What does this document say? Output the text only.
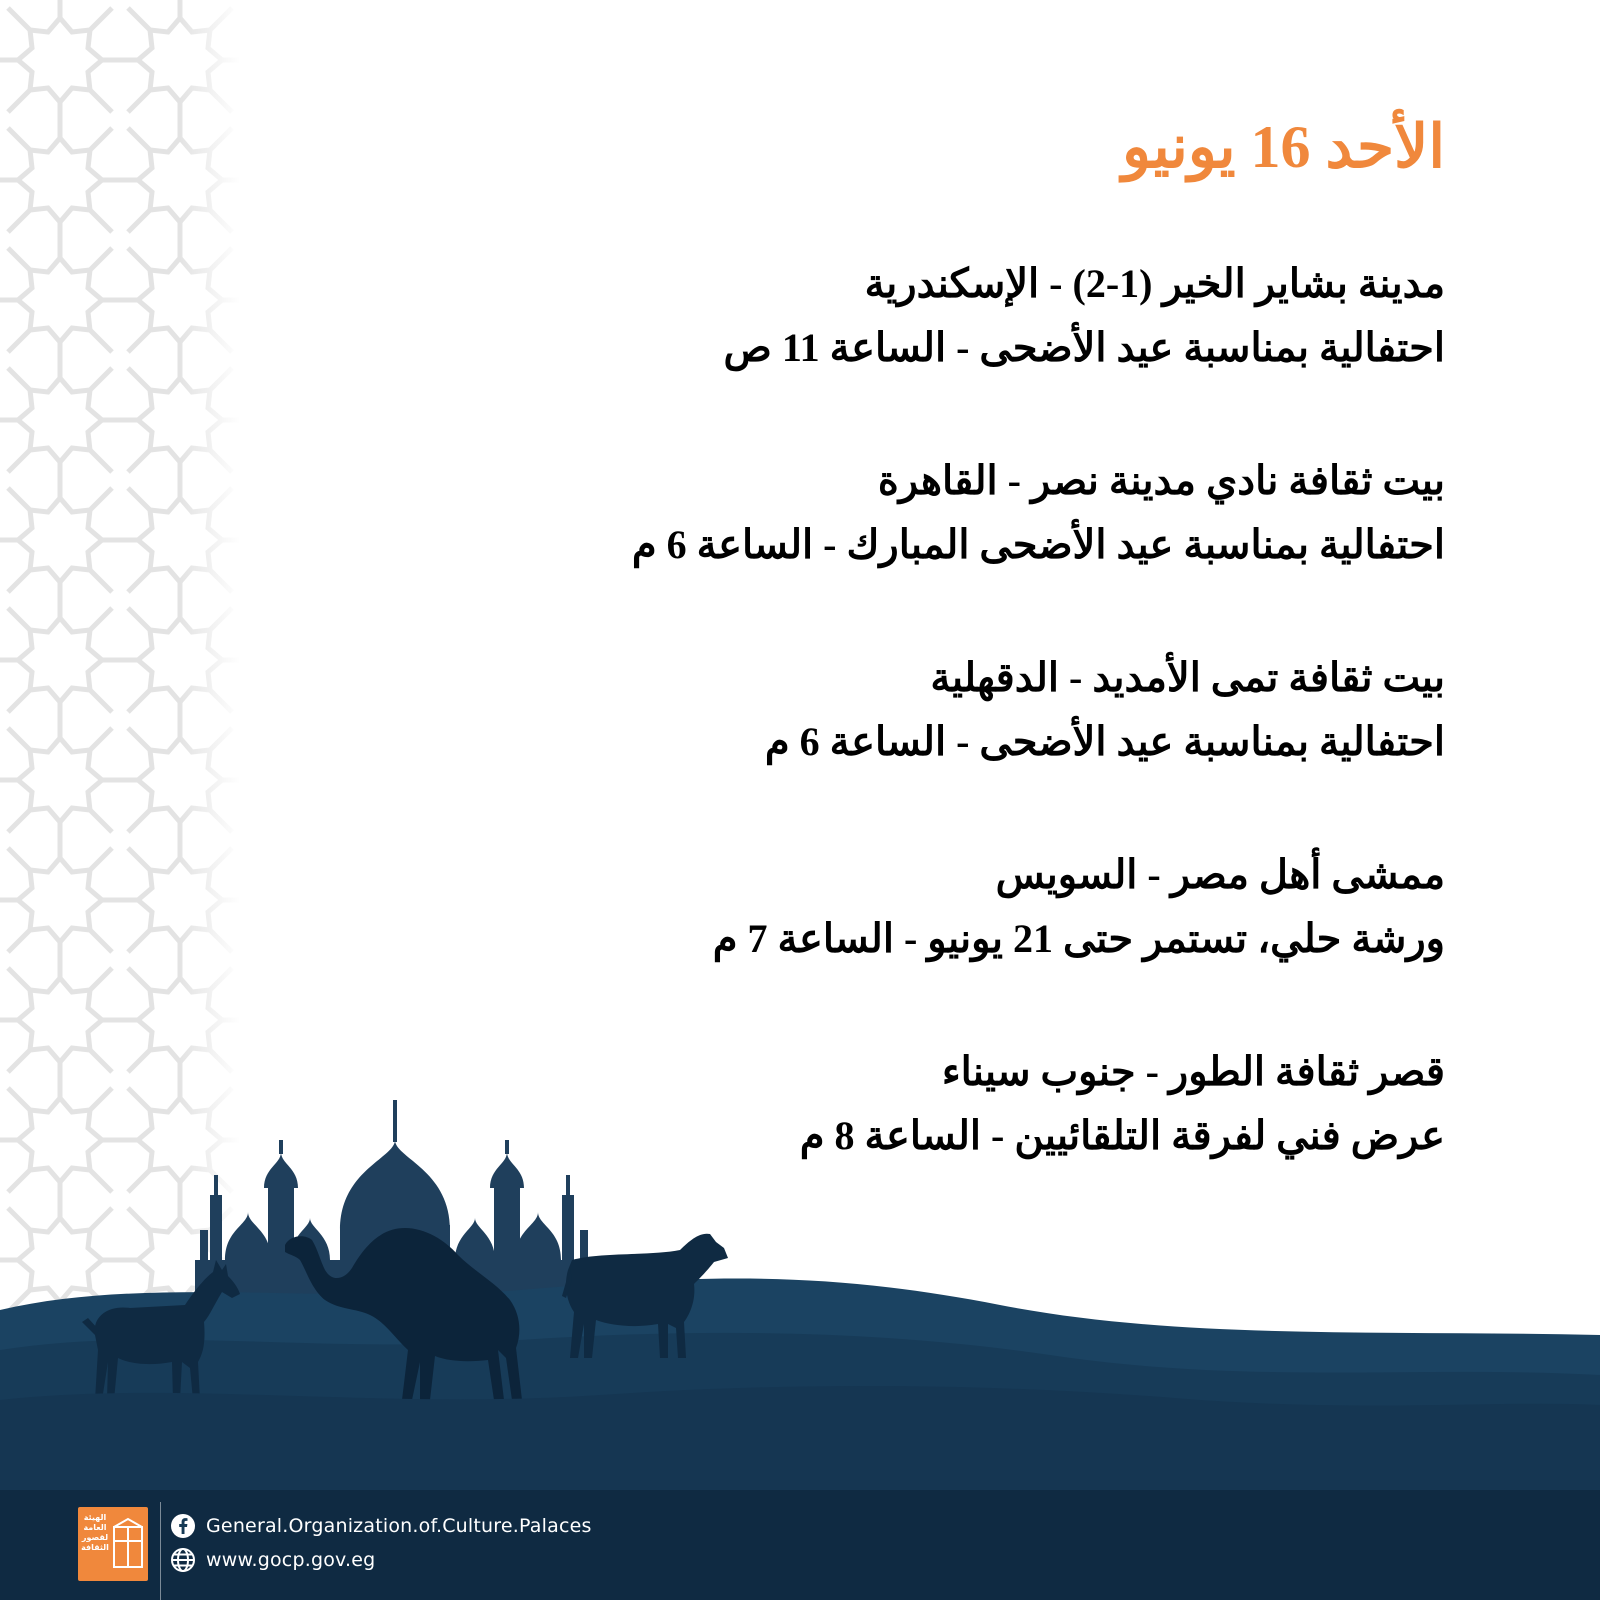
الأحد 16 يونيو
مدينة بشاير الخير (1-2) - الإسكندرية
احتفالية بمناسبة عيد الأضحى - الساعة 11 ص
بيت ثقافة نادي مدينة نصر - القاهرة
احتفالية بمناسبة عيد الأضحى المبارك - الساعة 6 م
بيت ثقافة تمى الأمديد - الدقهلية
احتفالية بمناسبة عيد الأضحى - الساعة 6 م
ممشى أهل مصر - السويس
ورشة حلي، تستمر حتى 21 يونيو - الساعة 7 م
قصر ثقافة الطور - جنوب سيناء
عرض فني لفرقة التلقائيين - الساعة 8 م
الهيئة العامة لقصور الثقافة
General.Organization.of.Culture.Palaces
www.gocp.gov.eg
